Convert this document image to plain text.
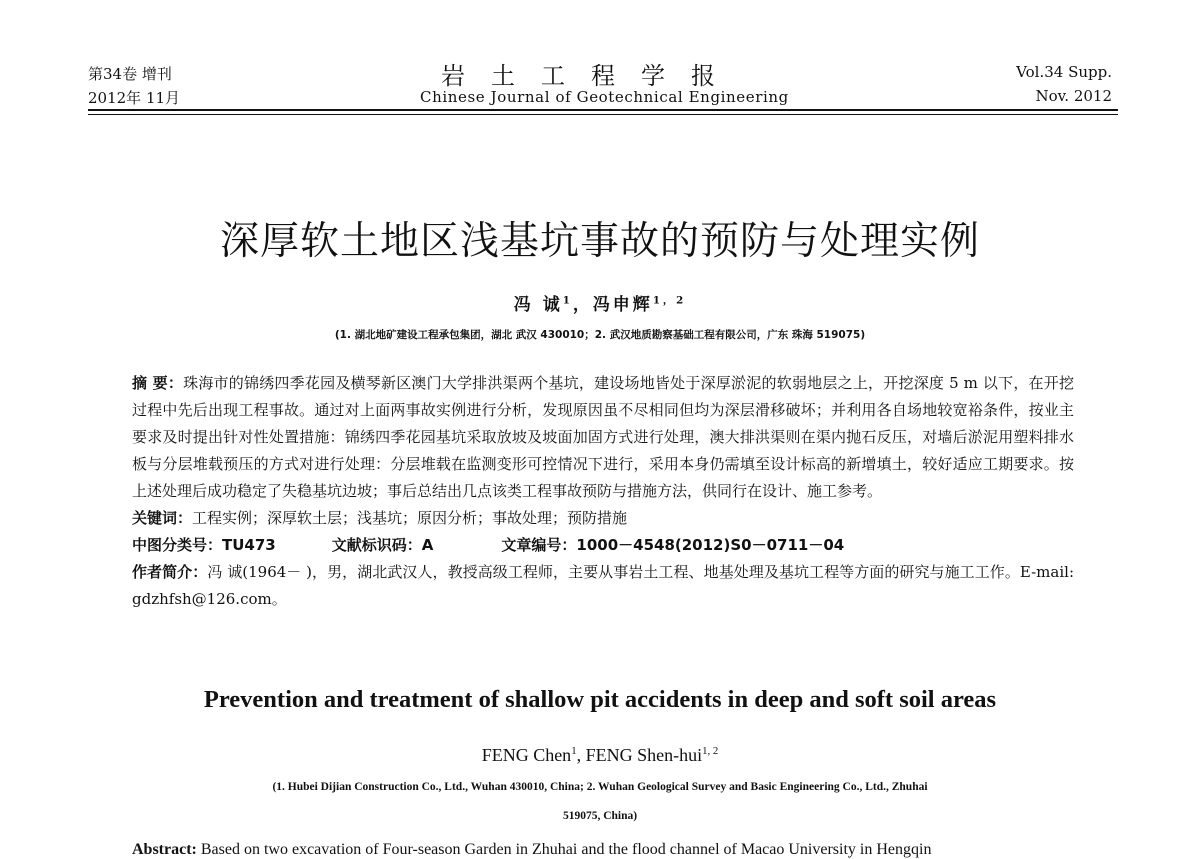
第34卷 增刊
2012年 11月
岩土工程学报
Chinese Journal of Geotechnical Engineering
Vol.34 Supp.
Nov. 2012
深厚软土地区浅基坑事故的预防与处理实例
冯 诚$^1$，冯申辉$^{1,2}$
(1. 湖北地矿建设工程承包集团，湖北 武汉 430010；2. 武汉地质勘察基础工程有限公司，广东 珠海 519075)
摘 要：珠海市的锦绣四季花园及横琴新区澳门大学排洪渠两个基坑，建设场地皆处于深厚淤泥的软弱地层之上，开挖深度 5 m 以下，在开挖过程中先后出现工程事故。通过对上面两事故实例进行分析，发现原因虽不尽相同但均为深层滑移破坏；并利用各自场地较宽裕条件，按业主要求及时提出针对性处置措施：锦绣四季花园基坑采取放坡及坡面加固方式进行处理，澳大排洪渠则在渠内抛石反压，对墙后淤泥用塑料排水板与分层堆载预压的方式对进行处理：分层堆载在监测变形可控情况下进行，采用本身仍需填至设计标高的新增填土，较好适应工期要求。按上述处理后成功稳定了失稳基坑边坡；事后总结出几点该类工程事故预防与措施方法，供同行在设计、施工参考。
关键词：工程实例；深厚软土层；浅基坑；原因分析；事故处理；预防措施
中图分类号：TU473	文献标识码：A	文章编号：1000－4548(2012)S0－0711－04
作者简介：冯 诚(1964－ )，男，湖北武汉人，教授高级工程师，主要从事岩土工程、地基处理及基坑工程等方面的研究与施工工作。E-mail: gdzhfsh@126.com。
Prevention and treatment of shallow pit accidents in deep and soft soil areas
FENG Chen$^1$, FENG Shen-hui$^{1, 2}$
(1. Hubei Dijian Construction Co., Ltd., Wuhan 430010, China; 2. Wuhan Geological Survey and Basic Engineering Co., Ltd., Zhuhai
519075, China)
Abstract: Based on two excavation of Four-season Garden in Zhuhai and the flood channel of Macao University in Hengqin
